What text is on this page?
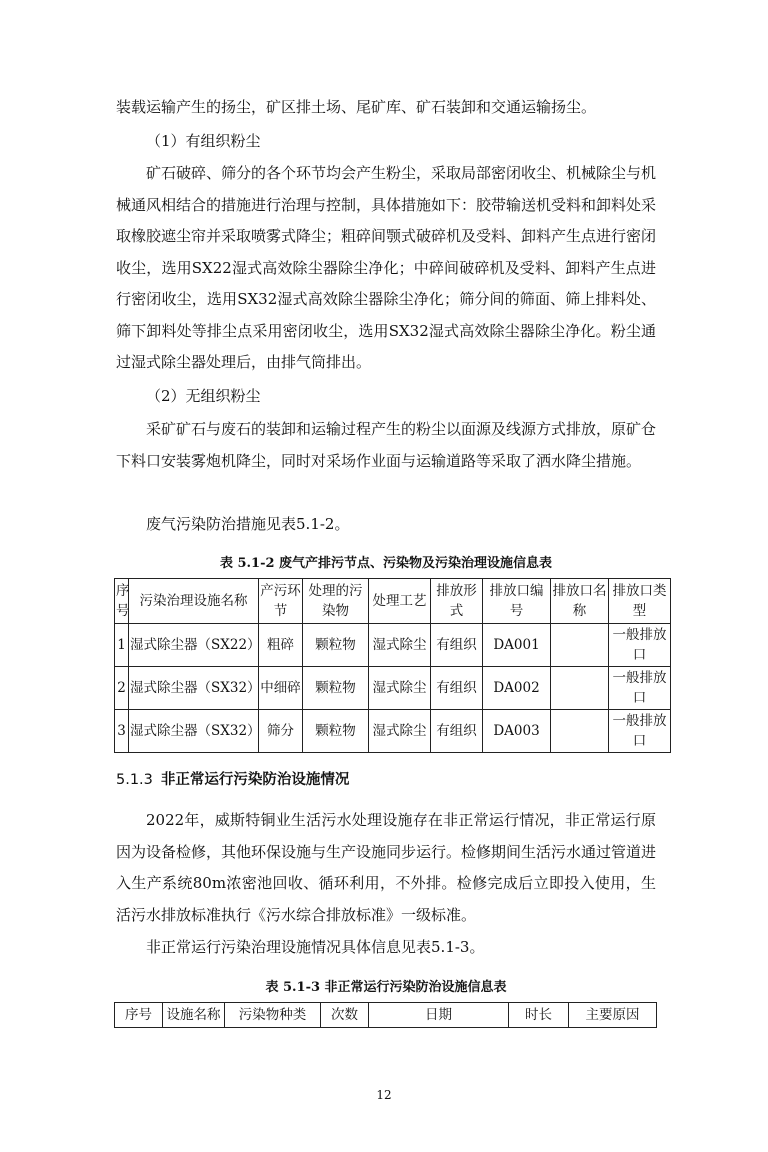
装载运输产生的扬尘，矿区排土场、尾矿库、矿石装卸和交通运输扬尘。

（1）有组织粉尘

矿石破碎、筛分的各个环节均会产生粉尘，采取局部密闭收尘、机械除尘与机械通风相结合的措施进行治理与控制，具体措施如下：胶带输送机受料和卸料处采取橡胶遮尘帘并采取喷雾式降尘；粗碎间颚式破碎机及受料、卸料产生点进行密闭收尘，选用SX22湿式高效除尘器除尘净化；中碎间破碎机及受料、卸料产生点进行密闭收尘，选用SX32湿式高效除尘器除尘净化；筛分间的筛面、筛上排料处、筛下卸料处等排尘点采用密闭收尘，选用SX32湿式高效除尘器除尘净化。粉尘通过湿式除尘器处理后，由排气筒排出。

（2）无组织粉尘

采矿矿石与废石的装卸和运输过程产生的粉尘以面源及线源方式排放，原矿仓下料口安装雾炮机降尘，同时对采场作业面与运输道路等采取了洒水降尘措施。

废气污染防治措施见表5.1-2。

表 5.1-2 废气产排污节点、污染物及污染治理设施信息表

序号	污染治理设施名称	产污环节	处理的污染物	处理工艺	排放形式	排放口编号	排放口名称	排放口类型
1	湿式除尘器（SX22）	粗碎	颗粒物	湿式除尘	有组织	DA001		一般排放口
2	湿式除尘器（SX32）	中细碎	颗粒物	湿式除尘	有组织	DA002		一般排放口
3	湿式除尘器（SX32）	筛分	颗粒物	湿式除尘	有组织	DA003		一般排放口

5.1.3 非正常运行污染防治设施情况

2022年，威斯特铜业生活污水处理设施存在非正常运行情况，非正常运行原因为设备检修，其他环保设施与生产设施同步运行。检修期间生活污水通过管道进入生产系统80m浓密池回收、循环利用，不外排。检修完成后立即投入使用，生活污水排放标准执行《污水综合排放标准》一级标准。

非正常运行污染治理设施情况具体信息见表5.1-3。

表 5.1-3 非正常运行污染防治设施信息表

序号	设施名称	污染物种类	次数	日期	时长	主要原因
12
